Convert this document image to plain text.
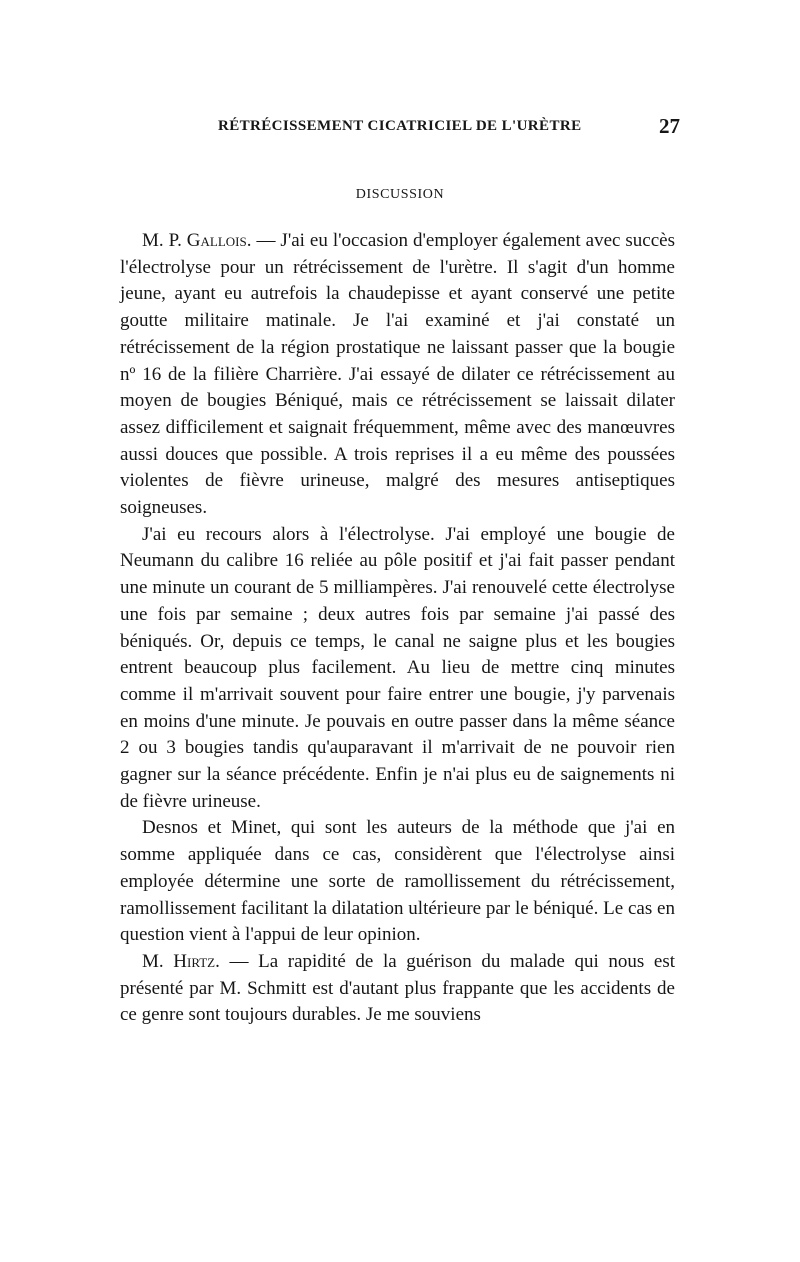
RÉTRÉCISSEMENT CICATRICIEL DE L'URÈTRE	27
DISCUSSION

M. P. Gallois. — J'ai eu l'occasion d'employer également avec succès l'électrolyse pour un rétrécissement de l'urètre. Il s'agit d'un homme jeune, ayant eu autrefois la chaudepisse et ayant conservé une petite goutte militaire matinale. Je l'ai examiné et j'ai constaté un rétrécissement de la région prostatique ne laissant passer que la bougie nº 16 de la filière Charrière. J'ai essayé de dilater ce rétrécissement au moyen de bougies Béniqué, mais ce rétrécissement se laissait dilater assez difficilement et saignait fréquemment, même avec des manœuvres aussi douces que possible. A trois reprises il a eu même des poussées violentes de fièvre urineuse, malgré des mesures antiseptiques soigneuses.

J'ai eu recours alors à l'électrolyse. J'ai employé une bougie de Neumann du calibre 16 reliée au pôle positif et j'ai fait passer pendant une minute un courant de 5 milliampères. J'ai renouvelé cette électrolyse une fois par semaine ; deux autres fois par semaine j'ai passé des béniqués. Or, depuis ce temps, le canal ne saigne plus et les bougies entrent beaucoup plus facilement. Au lieu de mettre cinq minutes comme il m'arrivait souvent pour faire entrer une bougie, j'y parvenais en moins d'une minute. Je pouvais en outre passer dans la même séance 2 ou 3 bougies tandis qu'auparavant il m'arrivait de ne pouvoir rien gagner sur la séance précédente. Enfin je n'ai plus eu de saignements ni de fièvre urineuse.

Desnos et Minet, qui sont les auteurs de la méthode que j'ai en somme appliquée dans ce cas, considèrent que l'électrolyse ainsi employée détermine une sorte de ramollissement du rétrécissement, ramollissement facilitant la dilatation ultérieure par le béniqué. Le cas en question vient à l'appui de leur opinion.

M. Hirtz. — La rapidité de la guérison du malade qui nous est présenté par M. Schmitt est d'autant plus frappante que les accidents de ce genre sont toujours durables. Je me souviens
